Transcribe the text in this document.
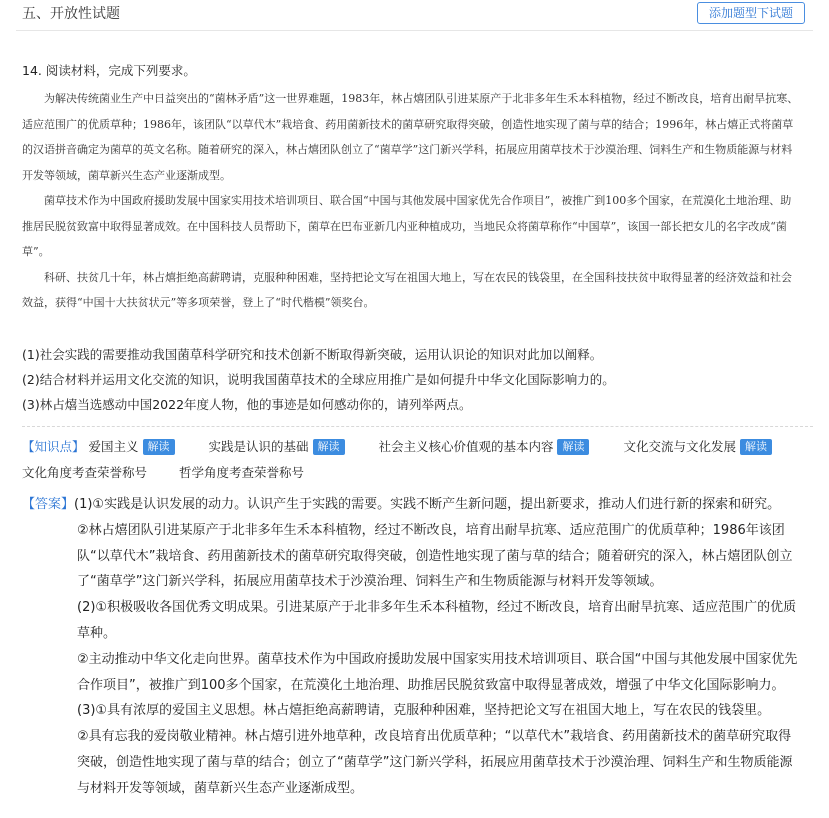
五、开放性试题	添加题型下试题
14. 阅读材料，完成下列要求。

为解决传统菌业生产中日益突出的“菌林矛盾”这一世界难题，1983年，林占熺团队引进某原产于北非多年生禾本科植物，经过不断改良，培育出耐旱抗寒、适应范围广的优质草种；1986年，该团队“以草代木”栽培食、药用菌新技术的菌草研究取得突破，创造性地实现了菌与草的结合；1996年，林占熺正式将菌草的汉语拼音确定为菌草的英文名称。随着研究的深入，林占熺团队创立了“菌草学”这门新兴学科，拓展应用菌草技术于沙漠治理、饲料生产和生物质能源与材料开发等领域，菌草新兴生态产业逐渐成型。

菌草技术作为中国政府援助发展中国家实用技术培训项目、联合国“中国与其他发展中国家优先合作项目”，被推广到100多个国家，在荒漠化土地治理、助推居民脱贫致富中取得显著成效。在中国科技人员帮助下，菌草在巴布亚新几内亚种植成功，当地民众将菌草称作“中国草”，该国一部长把女儿的名字改成“菌草”。

科研、扶贫几十年，林占熺拒绝高薪聘请，克服种种困难，坚持把论文写在祖国大地上，写在农民的钱袋里，在全国科技扶贫中取得显著的经济效益和社会效益，获得“中国十大扶贫状元”等多项荣誉，登上了“时代楷模”领奖台。

(1)社会实践的需要推动我国菌草科学研究和技术创新不断取得新突破，运用认识论的知识对此加以阐释。
(2)结合材料并运用文化交流的知识，说明我国菌草技术的全球应用推广是如何提升中华文化国际影响力的。
(3)林占熺当选感动中国2022年度人物，他的事迹是如何感动你的，请列举两点。
【知识点】 爱国主义 解读	实践是认识的基础 解读	社会主义核心价值观的基本内容 解读	文化交流与文化发展 解读
文化角度考查荣誉称号	哲学角度考查荣誉称号
【答案】(1)①实践是认识发展的动力。认识产生于实践的需要。实践不断产生新问题，提出新要求，推动人们进行新的探索和研究。
②林占熺团队引进某原产于北非多年生禾本科植物，经过不断改良，培育出耐旱抗寒、适应范围广的优质草种；1986年该团
队“以草代木”栽培食、药用菌新技术的菌草研究取得突破，创造性地实现了菌与草的结合；随着研究的深入，林占熺团队创立
了“菌草学”这门新兴学科，拓展应用菌草技术于沙漠治理、饲料生产和生物质能源与材料开发等领域。
(2)①积极吸收各国优秀文明成果。引进某原产于北非多年生禾本科植物，经过不断改良，培育出耐旱抗寒、适应范围广的优质
草种。
②主动推动中华文化走向世界。菌草技术作为中国政府援助发展中国家实用技术培训项目、联合国“中国与其他发展中国家优先
合作项目”，被推广到100多个国家，在荒漠化土地治理、助推居民脱贫致富中取得显著成效，增强了中华文化国际影响力。
(3)①具有浓厚的爱国主义思想。林占熺拒绝高薪聘请，克服种种困难，坚持把论文写在祖国大地上，写在农民的钱袋里。
②具有忘我的爱岗敬业精神。林占熺引进外地草种，改良培育出优质草种；“以草代木”栽培食、药用菌新技术的菌草研究取得
突破，创造性地实现了菌与草的结合；创立了“菌草学”这门新兴学科，拓展应用菌草技术于沙漠治理、饲料生产和生物质能源
与材料开发等领域，菌草新兴生态产业逐渐成型。
